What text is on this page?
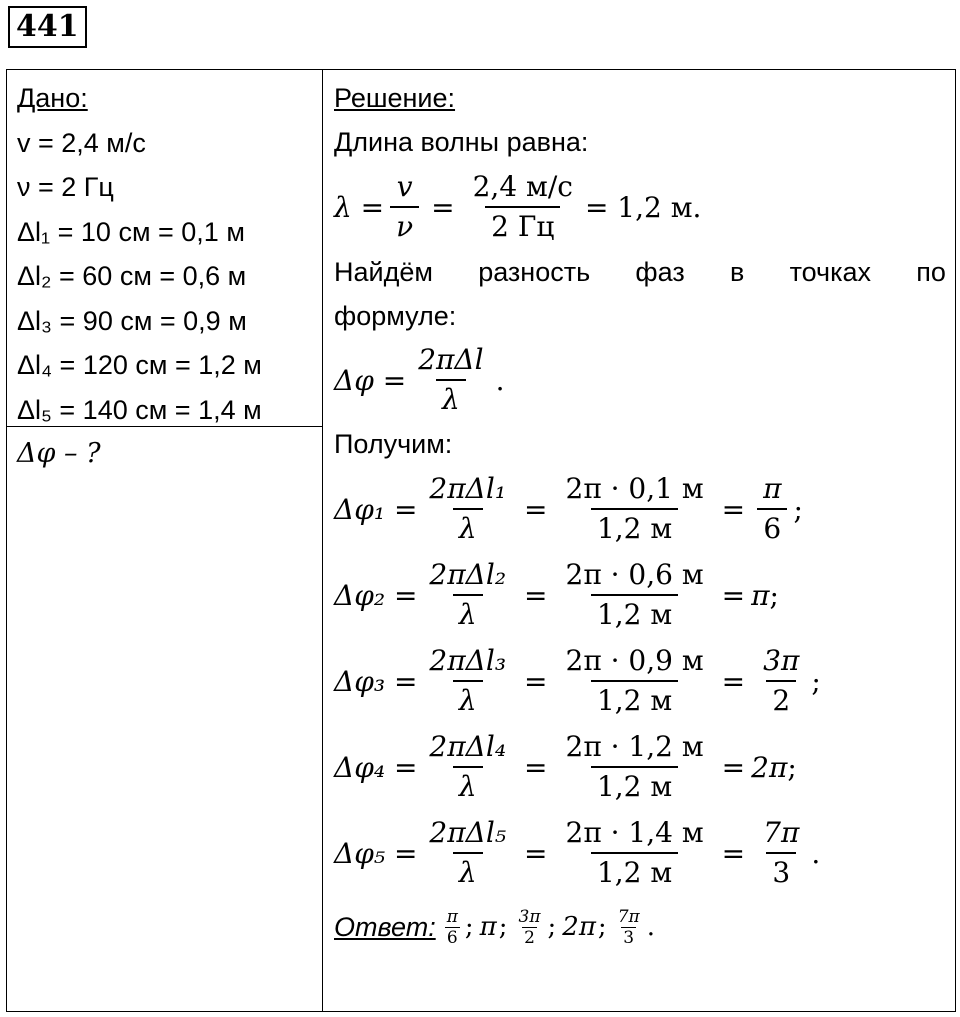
441
Дано:
v = 2,4 м/с
ν = 2 Гц
Δl₁ = 10 см = 0,1 м
Δl₂ = 60 см = 0,6 м
Δl₃ = 90 см = 0,9 м
Δl₄ = 120 см = 1,2 м
Δl₅ = 140 см = 1,4 м
Δφ – ?
Решение:
Длина волны равна:
$\lambda = \frac{v}{\nu} = \frac{2,4 м/с}{2 Гц} = 1,2$ м.
Найдём разность фаз в точках по
формуле:
$\Delta\varphi = \frac{\text{2πΔl}}{\lambda}$ .
Получим:
$\Delta\varphi_1 = \frac{\text{2πΔl₁}}{\lambda} = \frac{2\pi \cdot 0,1 м}{1,2 м} = \frac{\pi}{6}$ ;
$\Delta\varphi_2 = \frac{\text{2πΔl₂}}{\lambda} = \frac{2\pi \cdot 0,6 м}{1,2 м} = \pi$ ;
$\Delta\varphi_3 = \frac{\text{2πΔl₃}}{\lambda} = \frac{2\pi \cdot 0,9 м}{1,2 м} = \frac{3\pi}{2}$ ;
$\Delta\varphi_4 = \frac{\text{2πΔl₄}}{\lambda} = \frac{2\pi \cdot 1,2 м}{1,2 м} = 2\pi$ ;
$\Delta\varphi_5 = \frac{\text{2πΔl₅}}{\lambda} = \frac{2\pi \cdot 1,4 м}{1,2 м} = \frac{7\pi}{3}$ .
Ответ: π
6 ; π ; 3π
2 ; 2π ; 7π
3 .
